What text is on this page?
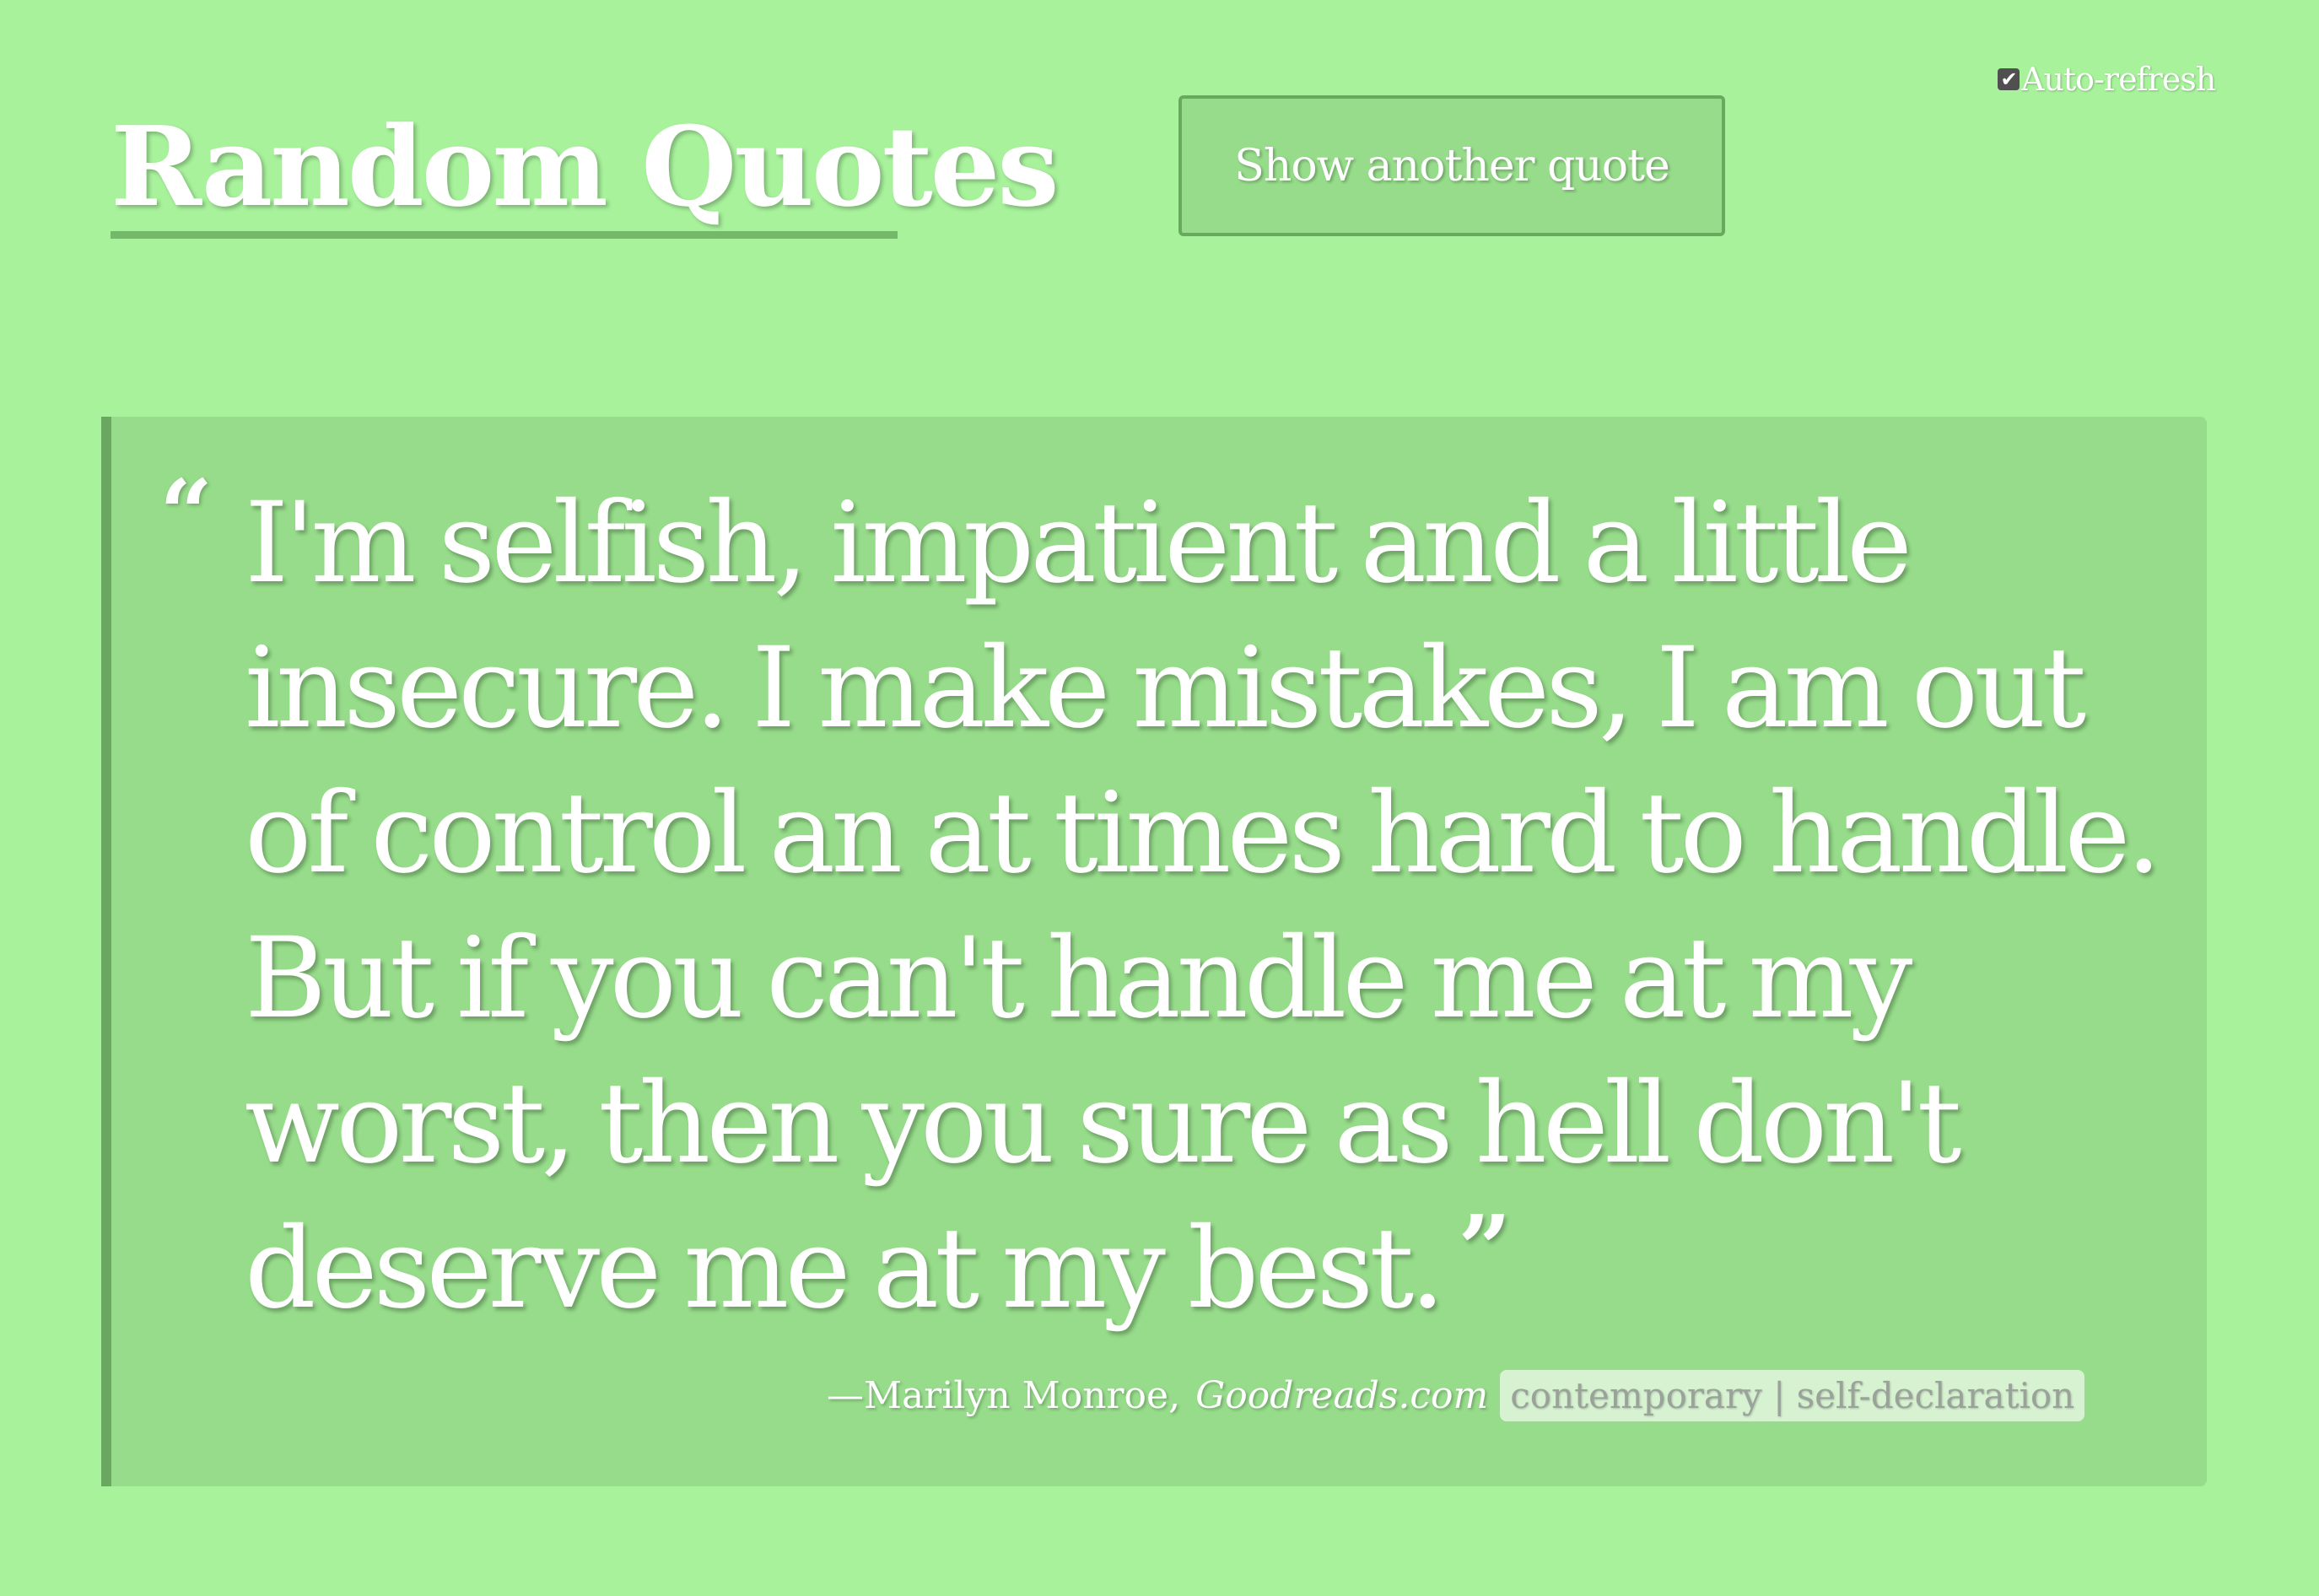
Random Quotes	Show another quote
✔ Auto-refresh
“ I'm selfish, impatient and a little insecure. I make mistakes, I am out of control an at times hard to handle. But if you can't handle me at my worst, then you sure as hell don't deserve me at my best. ”

— Marilyn Monroe , Goodreads.com contemporary | self-declaration
